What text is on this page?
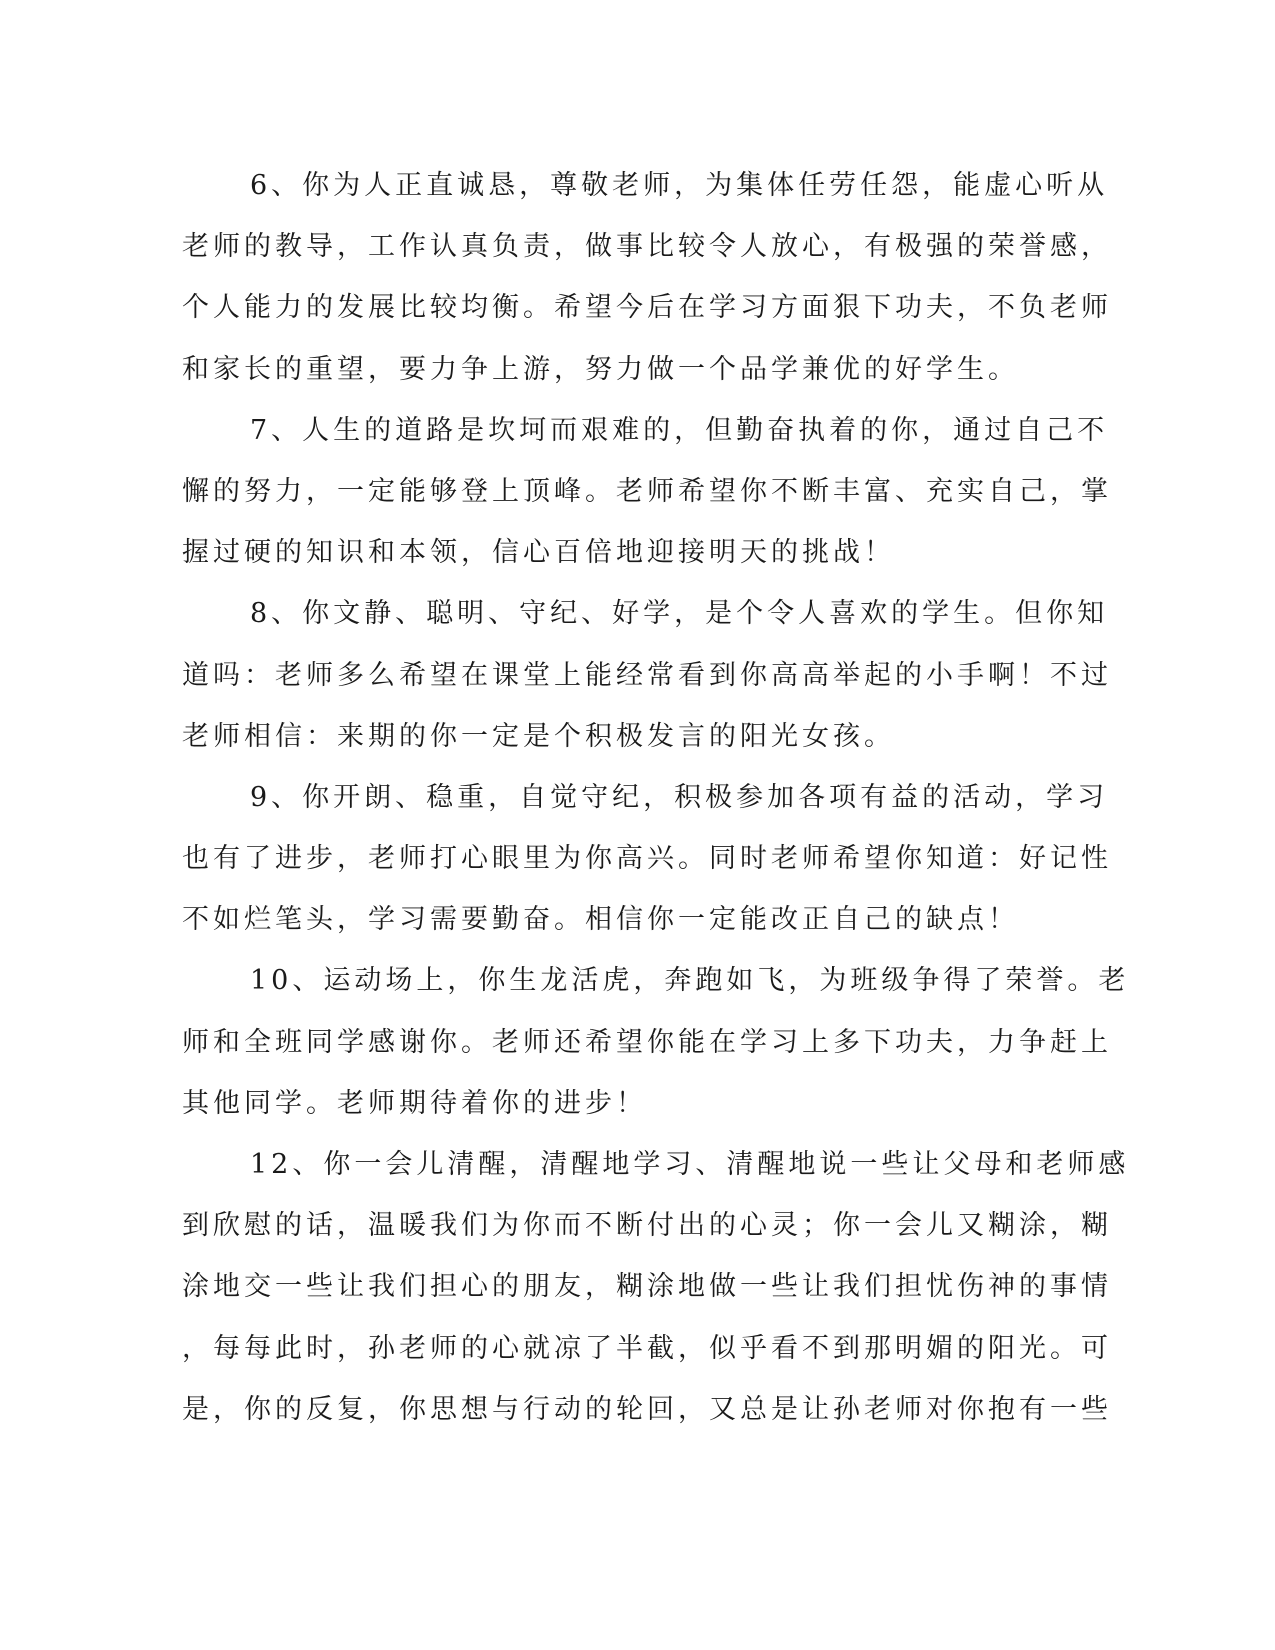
6、你为人正直诚恳，尊敬老师，为集体任劳任怨，能虚心听从
老师的教导，工作认真负责，做事比较令人放心，有极强的荣誉感，
个人能力的发展比较均衡。希望今后在学习方面狠下功夫，不负老师
和家长的重望，要力争上游，努力做一个品学兼优的好学生。
7、人生的道路是坎坷而艰难的，但勤奋执着的你，通过自己不
懈的努力，一定能够登上顶峰。老师希望你不断丰富、充实自己，掌
握过硬的知识和本领，信心百倍地迎接明天的挑战！
8、你文静、聪明、守纪、好学，是个令人喜欢的学生。但你知
道吗：老师多么希望在课堂上能经常看到你高高举起的小手啊！不过
老师相信：来期的你一定是个积极发言的阳光女孩。
9、你开朗、稳重，自觉守纪，积极参加各项有益的活动，学习
也有了进步，老师打心眼里为你高兴。同时老师希望你知道：好记性
不如烂笔头，学习需要勤奋。相信你一定能改正自己的缺点！
10、运动场上，你生龙活虎，奔跑如飞，为班级争得了荣誉。老
师和全班同学感谢你。老师还希望你能在学习上多下功夫，力争赶上
其他同学。老师期待着你的进步！
12、你一会儿清醒，清醒地学习、清醒地说一些让父母和老师感
到欣慰的话，温暖我们为你而不断付出的心灵；你一会儿又糊涂，糊
涂地交一些让我们担心的朋友，糊涂地做一些让我们担忧伤神的事情
，每每此时，孙老师的心就凉了半截，似乎看不到那明媚的阳光。可
是，你的反复，你思想与行动的轮回，又总是让孙老师对你抱有一些
